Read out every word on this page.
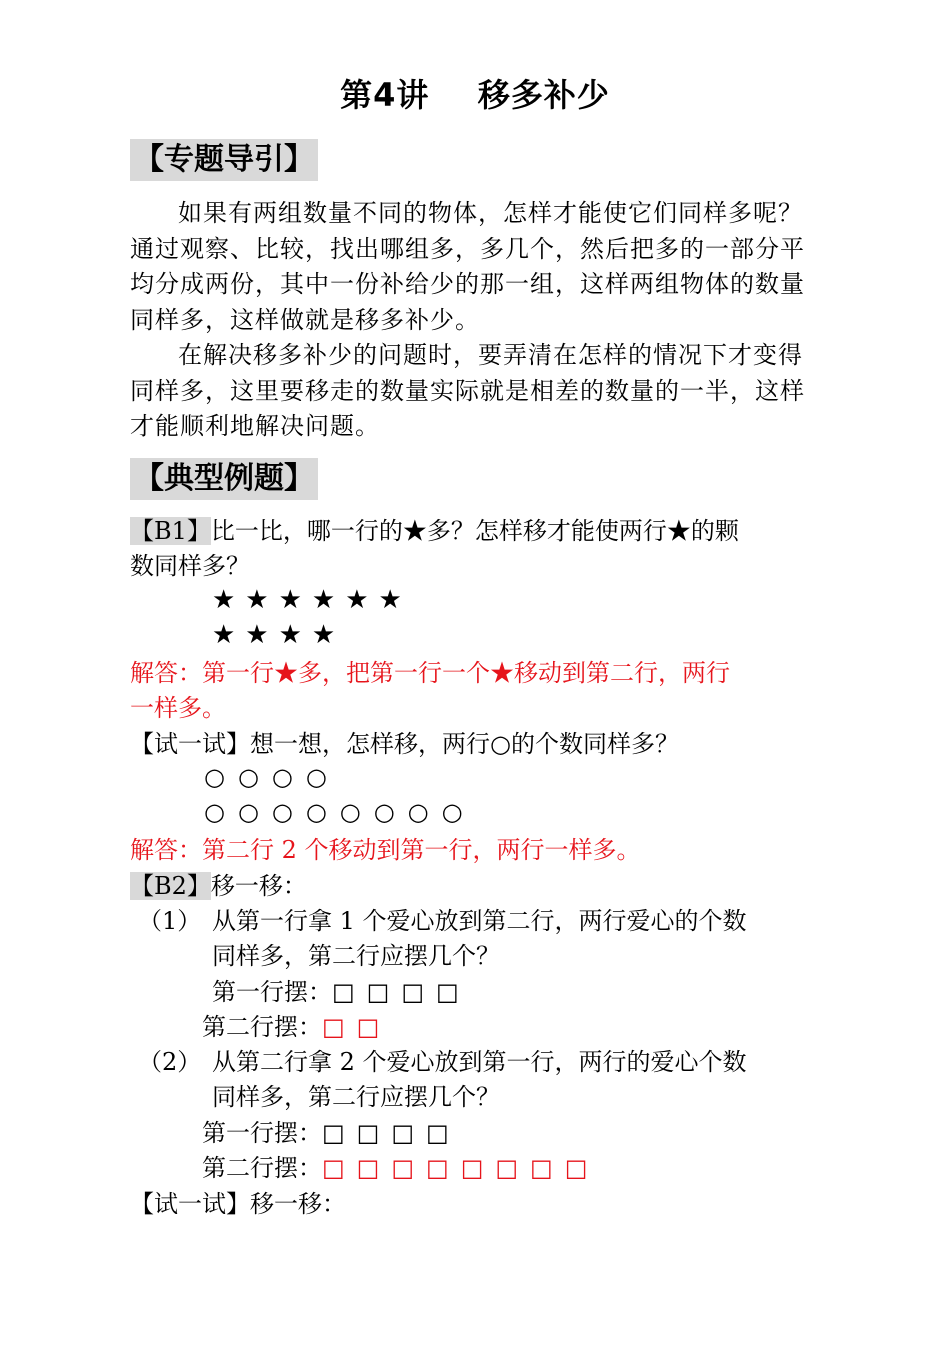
第4讲    移多补少
【专题导引】
如果有两组数量不同的物体，怎样才能使它们同样多呢？通过观察、比较，找出哪组多，多几个，然后把多的一部分平均分成两份，其中一份补给少的那一组，这样两组物体的数量同样多，这样做就是移多补少。
在解决移多补少的问题时，要弄清在怎样的情况下才变得同样多，这里要移走的数量实际就是相差的数量的一半，这样才能顺利地解决问题。
【典型例题】
【B1】比一比，哪一行的★多？怎样移才能使两行★的颗
数同样多？
★★★★★★
★★★★
解答：第一行★多，把第一行一个★移动到第二行，两行
一样多。
【试一试】想一想，怎样移，两行○的个数同样多？
○○○○
○○○○○○○○
解答：第二行 2 个移动到第一行，两行一样多。
【B2】移一移：
（1） 从第一行拿 1 个爱心放到第二行，两行爱心的个数
同样多，第二行应摆几个？
第一行摆：□□□□
第二行摆：□□
（2） 从第二行拿 2 个爱心放到第一行，两行的爱心个数
同样多，第二行应摆几个？
第一行摆：□□□□
第二行摆：□□□□□□□□
【试一试】移一移：
